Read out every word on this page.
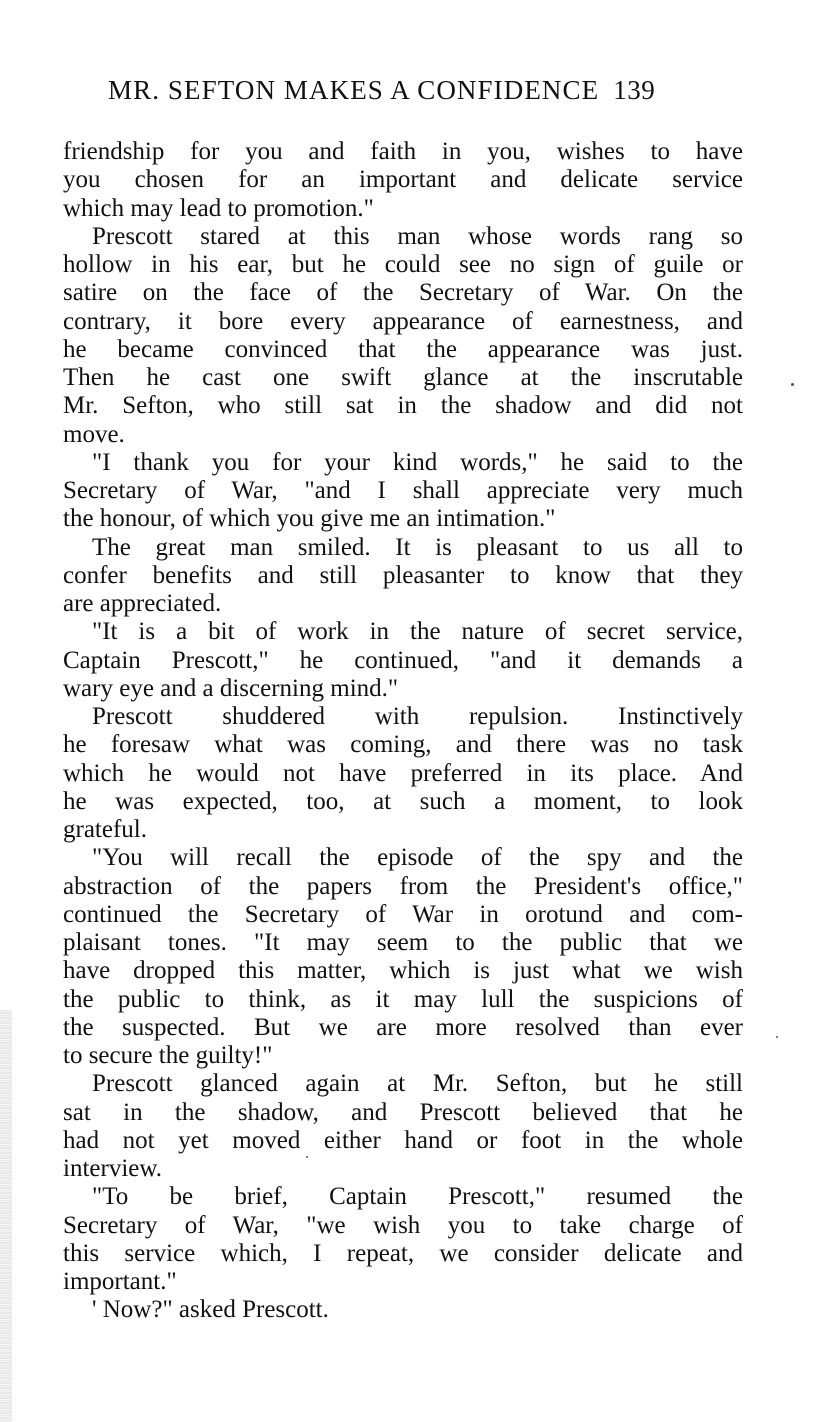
MR. SEFTON MAKES A CONFIDENCE 139
friendship for you and faith in you, wishes to have
you chosen for an important and delicate service
which may lead to promotion."
Prescott stared at this man whose words rang so
hollow in his ear, but he could see no sign of guile or
satire on the face of the Secretary of War. On the
contrary, it bore every appearance of earnestness, and
he became convinced that the appearance was just.
Then he cast one swift glance at the inscrutable
Mr. Sefton, who still sat in the shadow and did not
move.
"I thank you for your kind words," he said to the
Secretary of War, "and I shall appreciate very much
the honour, of which you give me an intimation."
The great man smiled. It is pleasant to us all to
confer benefits and still pleasanter to know that they
are appreciated.
"It is a bit of work in the nature of secret service,
Captain Prescott," he continued, "and it demands a
wary eye and a discerning mind."
Prescott shuddered with repulsion. Instinctively
he foresaw what was coming, and there was no task
which he would not have preferred in its place. And
he was expected, too, at such a moment, to look
grateful.
"You will recall the episode of the spy and the
abstraction of the papers from the President's office,"
continued the Secretary of War in orotund and com-
plaisant tones. "It may seem to the public that we
have dropped this matter, which is just what we wish
the public to think, as it may lull the suspicions of
the suspected. But we are more resolved than ever
to secure the guilty!"
Prescott glanced again at Mr. Sefton, but he still
sat in the shadow, and Prescott believed that he
had not yet moved either hand or foot in the whole
interview.
"To be brief, Captain Prescott," resumed the
Secretary of War, "we wish you to take charge of
this service which, I repeat, we consider delicate and
important."
' Now?" asked Prescott.
